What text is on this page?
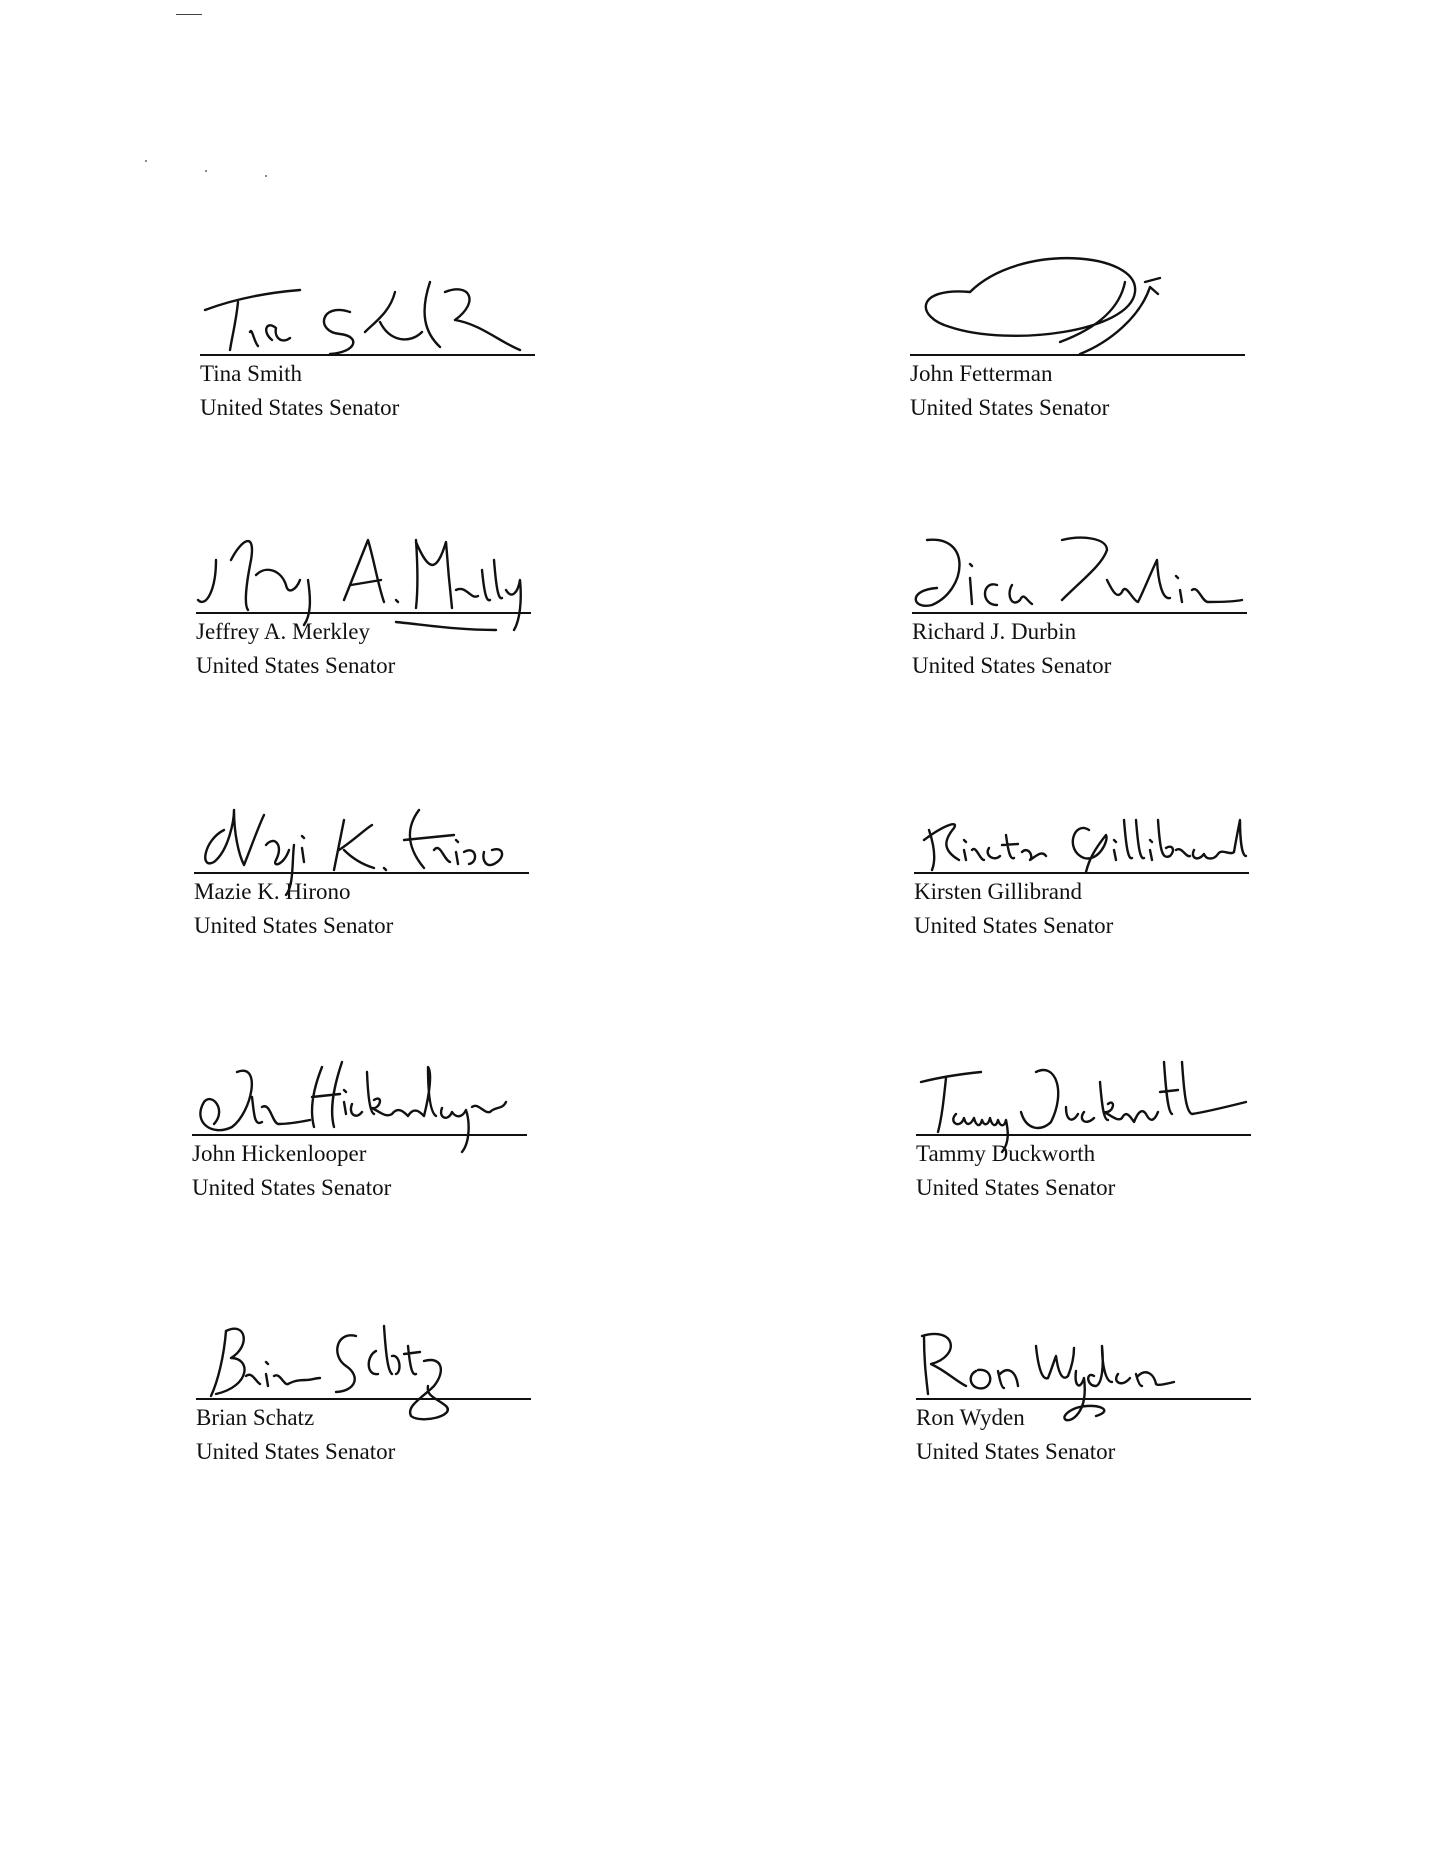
Tina Smith
United States Senator
John Fetterman
United States Senator
Jeffrey A. Merkley
United States Senator
Richard J. Durbin
United States Senator
Mazie K. Hirono
United States Senator
Kirsten Gillibrand
United States Senator
John Hickenlooper
United States Senator
Tammy Duckworth
United States Senator
Brian Schatz
United States Senator
Ron Wyden
United States Senator
